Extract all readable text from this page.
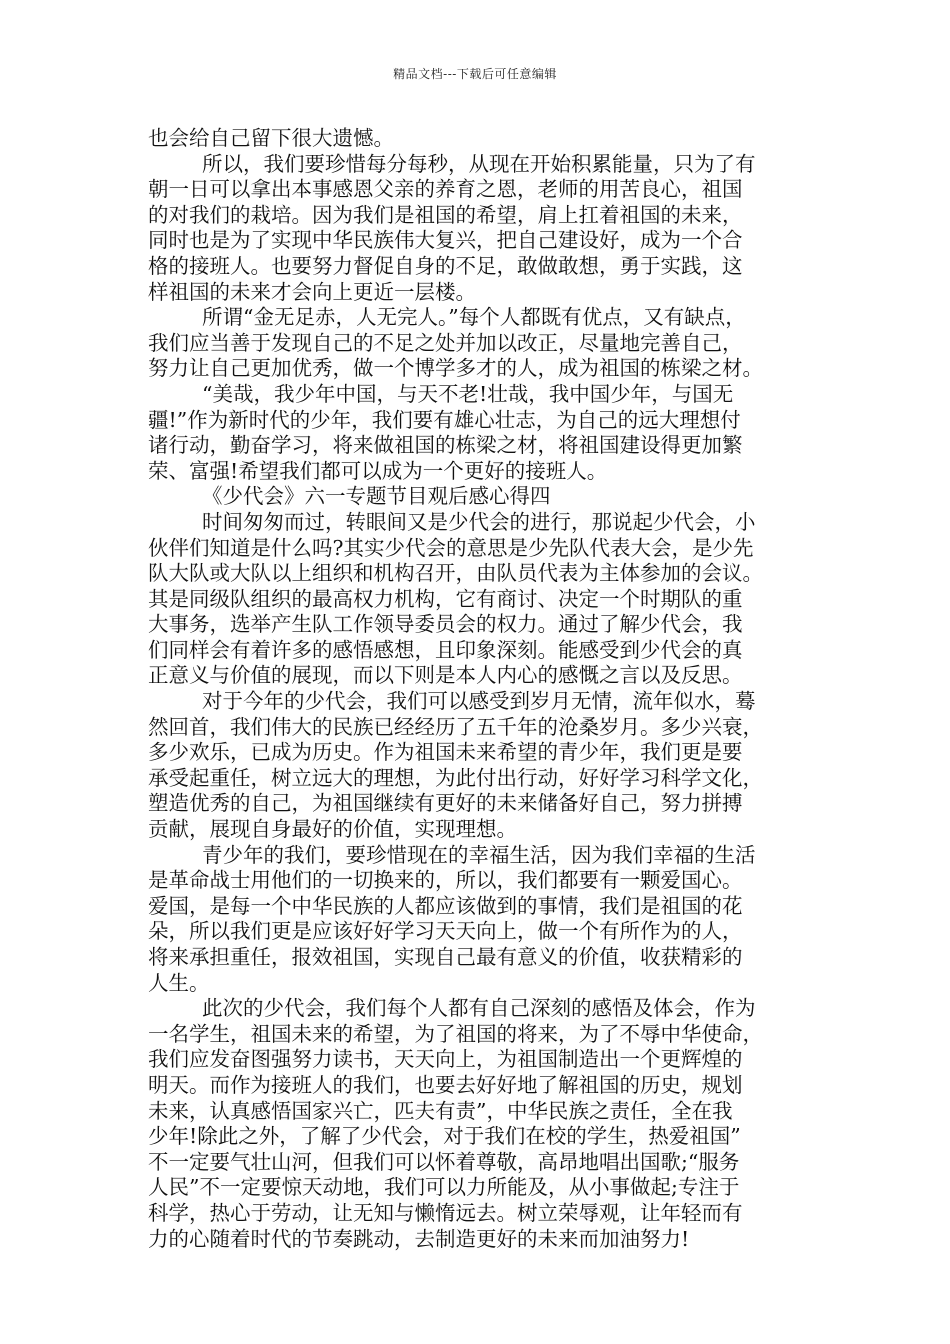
精品文档---下载后可任意编辑
也会给自己留下很大遗憾。
所以，我们要珍惜每分每秒，从现在开始积累能量，只为了有
朝一日可以拿出本事感恩父亲的养育之恩，老师的用苦良心，祖国
的对我们的栽培。因为我们是祖国的希望，肩上扛着祖国的未来，
同时也是为了实现中华民族伟大复兴，把自己建设好，成为一个合
格的接班人。也要努力督促自身的不足，敢做敢想，勇于实践，这
样祖国的未来才会向上更近一层楼。
所谓“金无足赤，人无完人。”每个人都既有优点，又有缺点，
我们应当善于发现自己的不足之处并加以改正，尽量地完善自己，
努力让自己更加优秀，做一个博学多才的人，成为祖国的栋梁之材。
“美哉，我少年中国，与天不老!壮哉，我中国少年，与国无
疆!”作为新时代的少年，我们要有雄心壮志，为自己的远大理想付
诸行动，勤奋学习，将来做祖国的栋梁之材，将祖国建设得更加繁
荣、富强!希望我们都可以成为一个更好的接班人。
《少代会》六一专题节目观后感心得四
时间匆匆而过，转眼间又是少代会的进行，那说起少代会，小
伙伴们知道是什么吗?其实少代会的意思是少先队代表大会，是少先
队大队或大队以上组织和机构召开，由队员代表为主体参加的会议。
其是同级队组织的最高权力机构，它有商讨、决定一个时期队的重
大事务，选举产生队工作领导委员会的权力。通过了解少代会，我
们同样会有着许多的感悟感想，且印象深刻。能感受到少代会的真
正意义与价值的展现，而以下则是本人内心的感慨之言以及反思。
对于今年的少代会，我们可以感受到岁月无情，流年似水，蓦
然回首，我们伟大的民族已经经历了五千年的沧桑岁月。多少兴衰，
多少欢乐，已成为历史。作为祖国未来希望的青少年，我们更是要
承受起重任，树立远大的理想，为此付出行动，好好学习科学文化，
塑造优秀的自己，为祖国继续有更好的未来储备好自己，努力拼搏
贡献，展现自身最好的价值，实现理想。
青少年的我们，要珍惜现在的幸福生活，因为我们幸福的生活
是革命战士用他们的一切换来的，所以，我们都要有一颗爱国心。
爱国，是每一个中华民族的人都应该做到的事情，我们是祖国的花
朵，所以我们更是应该好好学习天天向上，做一个有所作为的人，
将来承担重任，报效祖国，实现自己最有意义的价值，收获精彩的
人生。
此次的少代会，我们每个人都有自己深刻的感悟及体会，作为
一名学生，祖国未来的希望，为了祖国的将来，为了不辱中华使命，
我们应发奋图强努力读书，天天向上，为祖国制造出一个更辉煌的
明天。而作为接班人的我们，也要去好好地了解祖国的历史，规划
未来，认真感悟国家兴亡，匹夫有责”，中华民族之责任，全在我
少年!除此之外，了解了少代会，对于我们在校的学生，热爱祖国”
不一定要气壮山河，但我们可以怀着尊敬，高昂地唱出国歌;“服务
人民”不一定要惊天动地，我们可以力所能及，从小事做起;专注于
科学，热心于劳动，让无知与懒惰远去。树立荣辱观，让年轻而有
力的心随着时代的节奏跳动，去制造更好的未来而加油努力!
